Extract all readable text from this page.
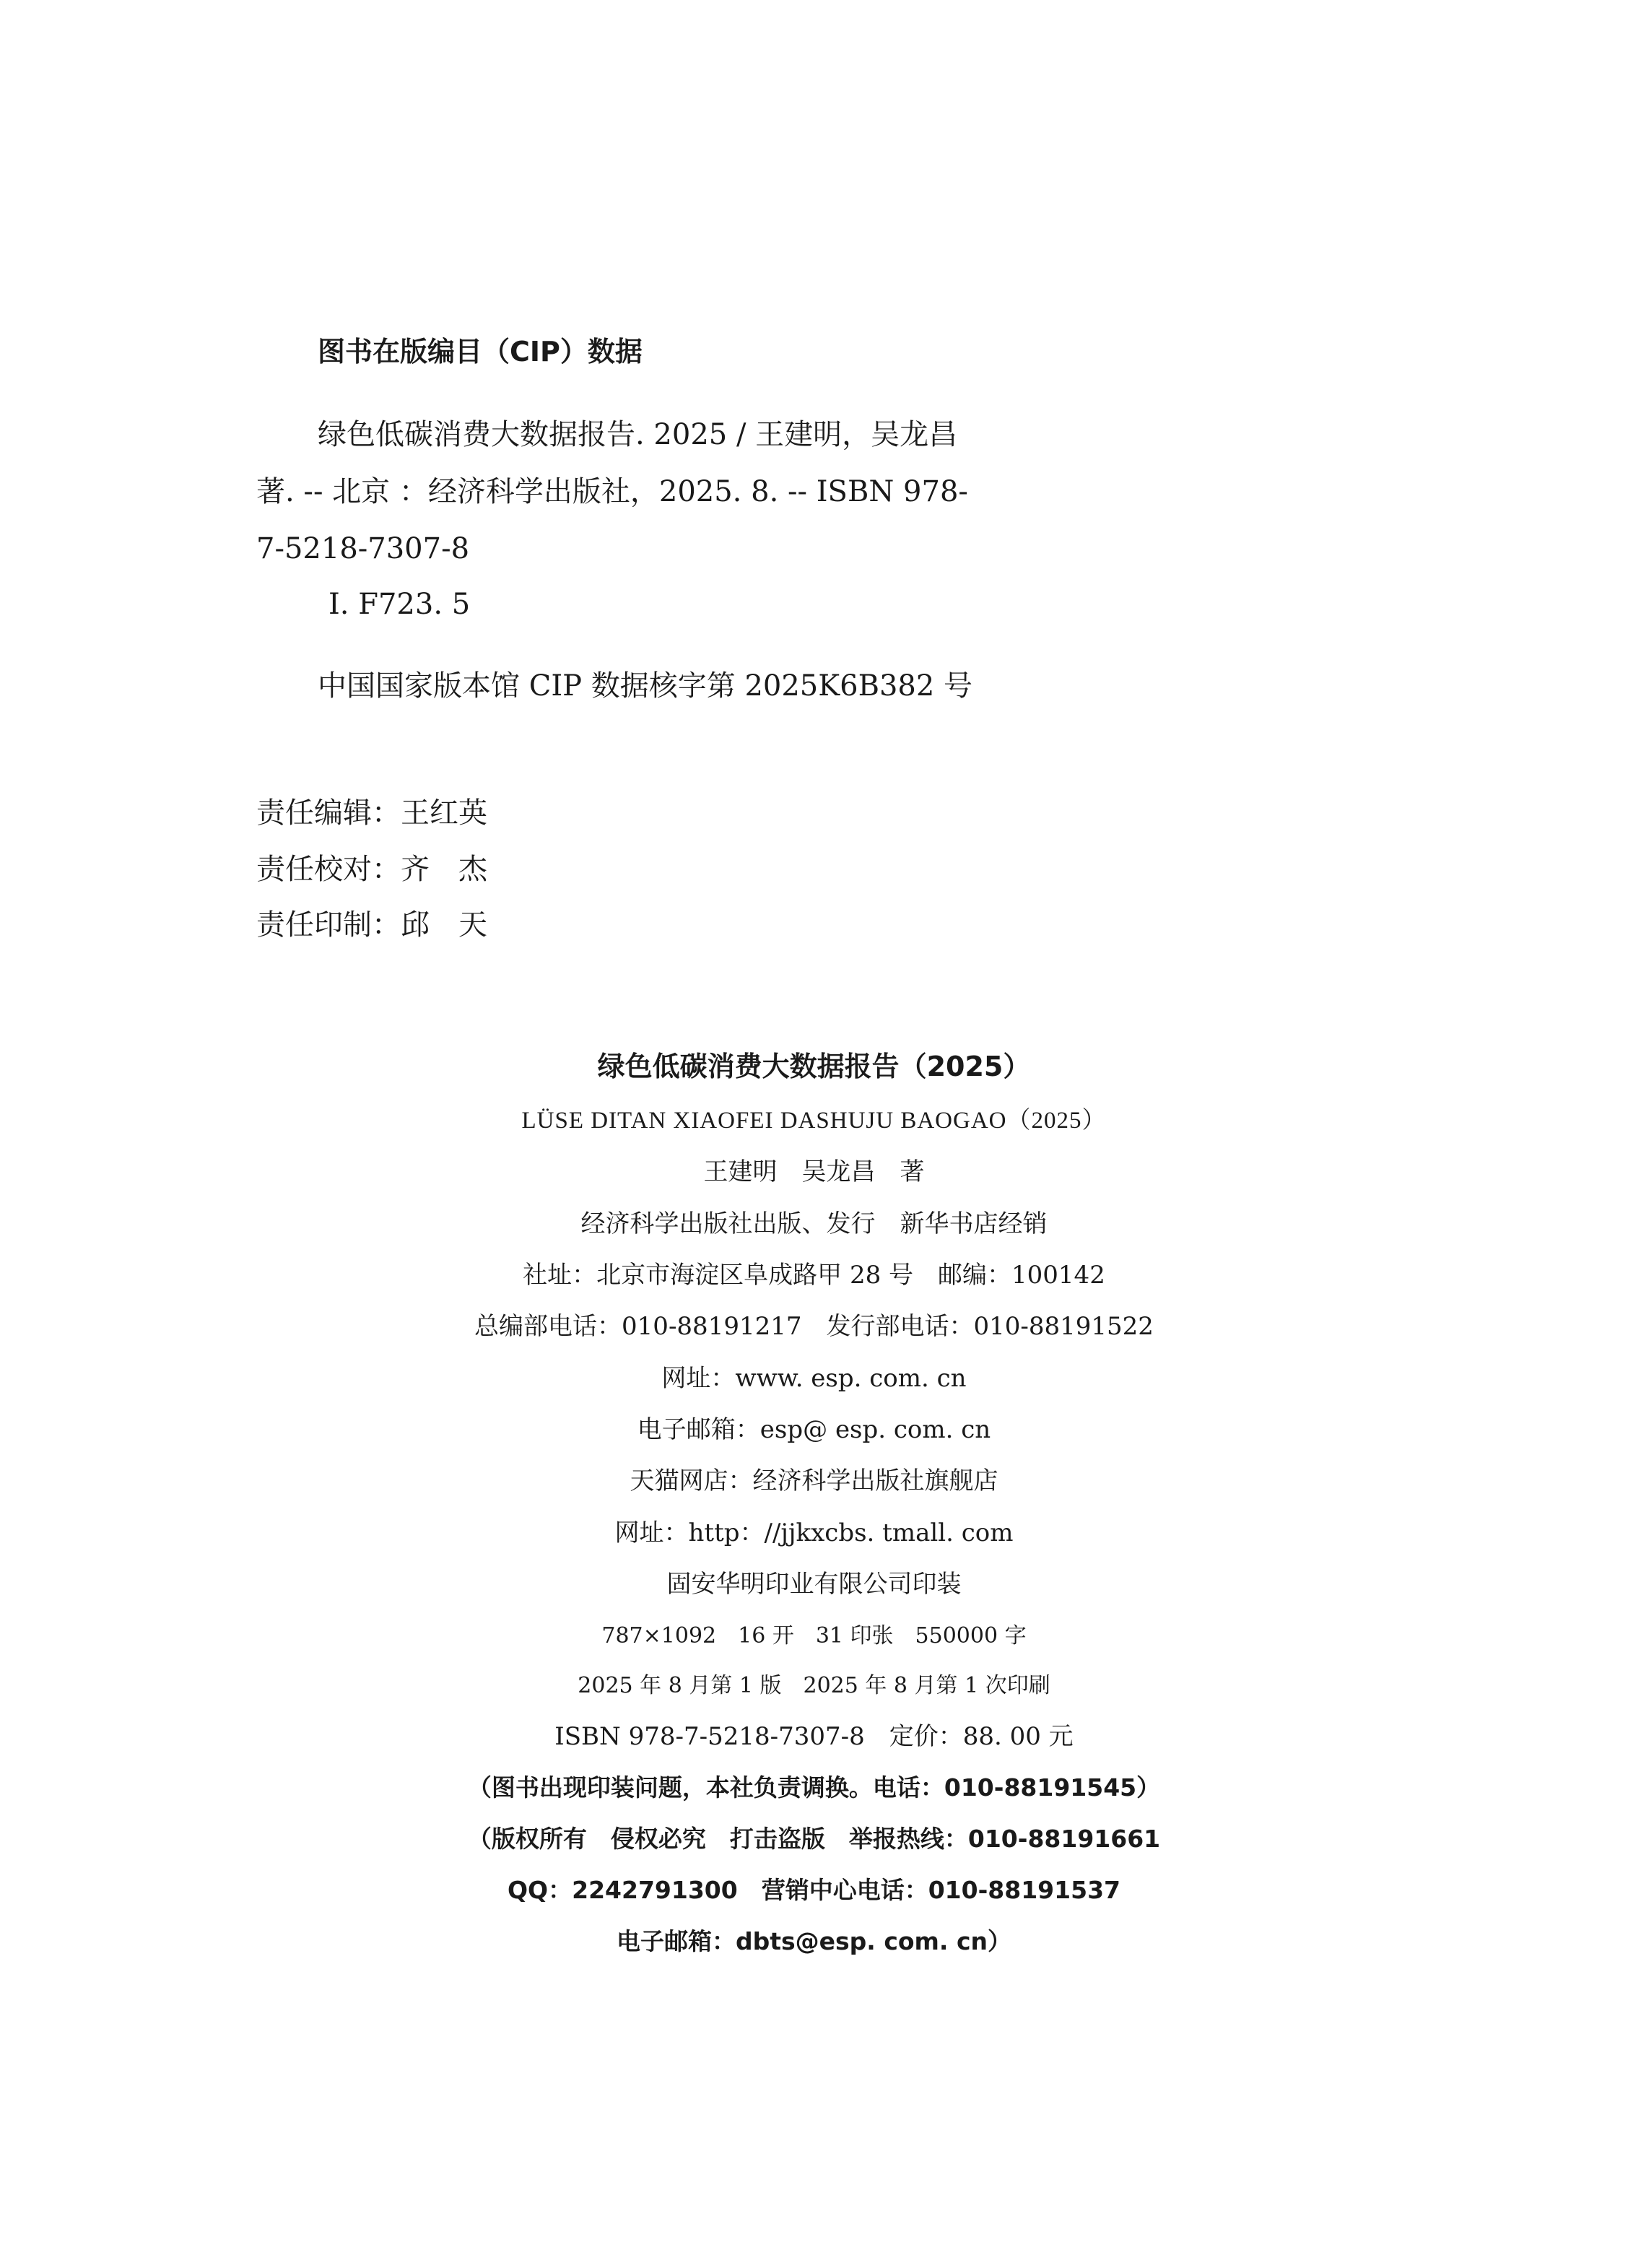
图书在版编目（CIP）数据
绿色低碳消费大数据报告. 2025 / 王建明，吴龙昌
著. -- 北京 ：经济科学出版社，2025. 8. -- ISBN 978-
7-5218-7307-8
Ⅰ. F723. 5
中国国家版本馆 CIP 数据核字第 2025K6B382 号
责任编辑：王红英
责任校对：齐　杰
责任印制：邱　天
绿色低碳消费大数据报告（2025）
LÜSE DITAN XIAOFEI DASHUJU BAOGAO（2025）
王建明　吴龙昌　著
经济科学出版社出版、发行　新华书店经销
社址：北京市海淀区阜成路甲 28 号　邮编：100142
总编部电话：010-88191217　发行部电话：010-88191522
网址：www. esp. com. cn
电子邮箱：esp@ esp. com. cn
天猫网店：经济科学出版社旗舰店
网址：http：//jjkxcbs. tmall. com
固安华明印业有限公司印装
787×1092　16 开　31 印张　550000 字
2025 年 8 月第 1 版　2025 年 8 月第 1 次印刷
ISBN 978-7-5218-7307-8　定价：88. 00 元
（图书出现印装问题，本社负责调换。电话：010-88191545）
（版权所有　侵权必究　打击盗版　举报热线：010-88191661
QQ：2242791300　营销中心电话：010-88191537
电子邮箱：dbts@esp. com. cn）
